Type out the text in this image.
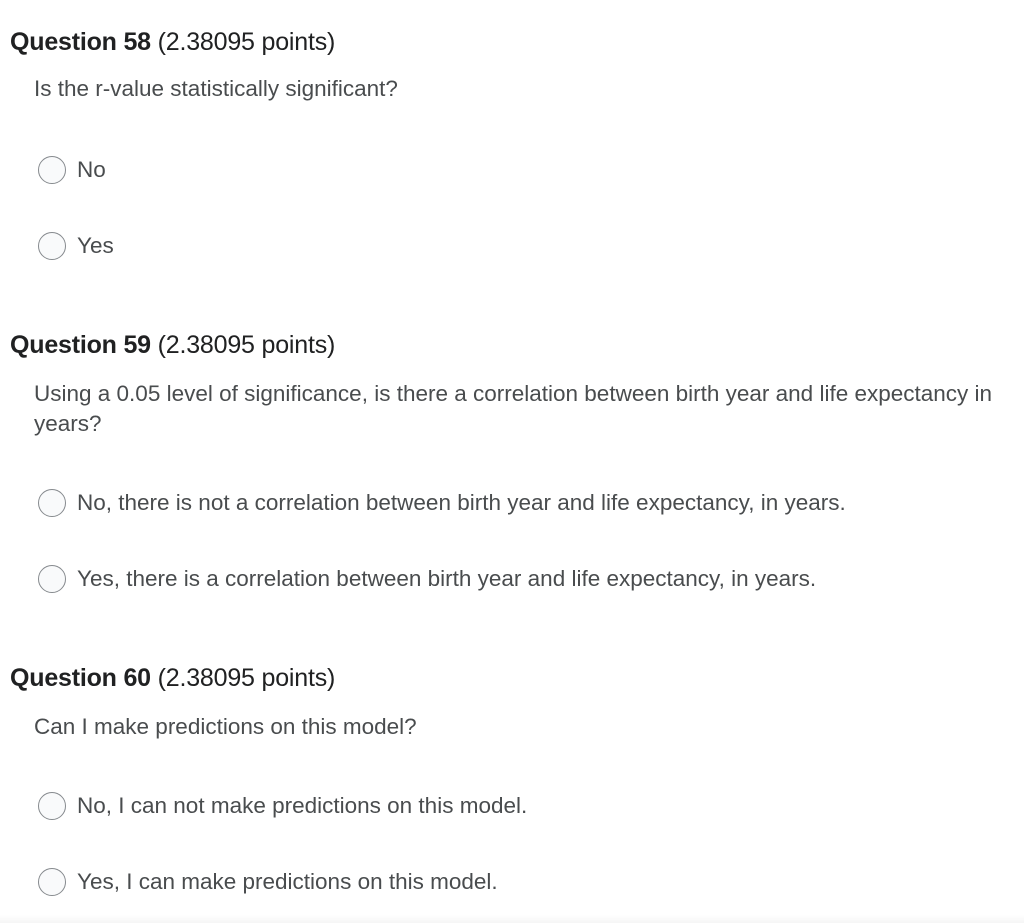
Question 58 (2.38095 points)
Is the r-value statistically significant?
No
Yes
Question 59 (2.38095 points)
Using a 0.05 level of significance, is there a correlation between birth year and life expectancy in years?
No, there is not a correlation between birth year and life expectancy, in years.
Yes, there is a correlation between birth year and life expectancy, in years.
Question 60 (2.38095 points)
Can I make predictions on this model?
No, I can not make predictions on this model.
Yes, I can make predictions on this model.
